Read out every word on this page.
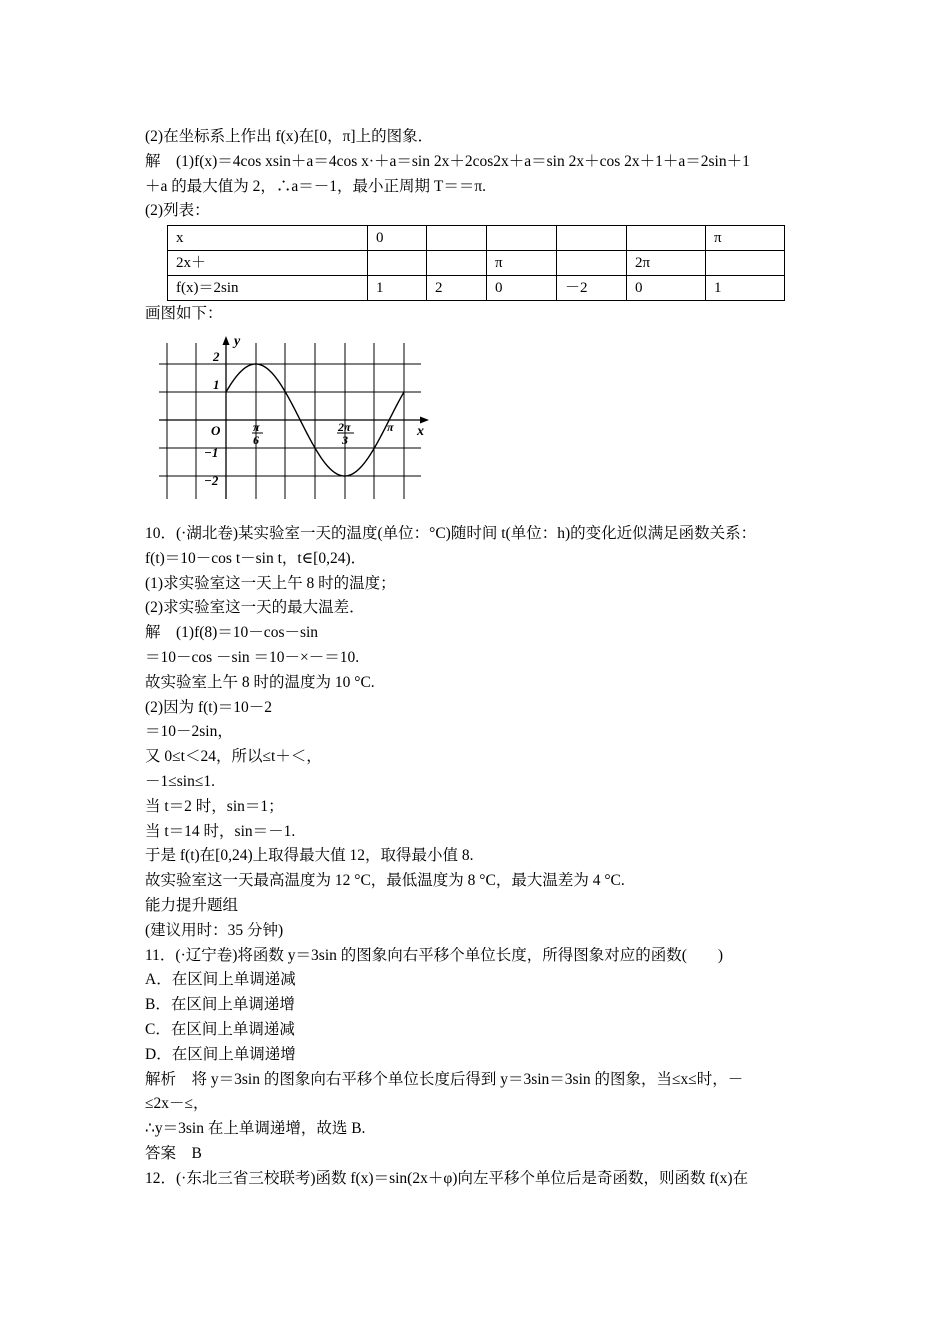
(2)在坐标系上作出 f(x)在[0，π]上的图象．
解　(1)f(x)＝4cos xsin＋a＝4cos x·＋a＝sin 2x＋2cos2x＋a＝sin 2x＋cos 2x＋1＋a＝2sin＋1
＋a 的最大值为 2，∴a＝－1，最小正周期 T＝＝π.
(2)列表：
x	0					π
2x＋			π		2π	
f(x)＝2sin	1	2	0	－2	0	1
画图如下：
y
x
O
2
1
−1
−2
π
6
2π
3
π
10．(·湖北卷)某实验室一天的温度(单位：°C)随时间 t(单位：h)的变化近似满足函数关系：
f(t)＝10－cos t－sin t，t∈[0,24)．
(1)求实验室这一天上午 8 时的温度；
(2)求实验室这一天的最大温差．
解　(1)f(8)＝10－cos－sin
＝10－cos －sin ＝10－×－＝10.
故实验室上午 8 时的温度为 10 °C.
(2)因为 f(t)＝10－2
＝10－2sin，
又 0≤t＜24，所以≤t＋＜，
－1≤sin≤1.
当 t＝2 时，sin＝1；
当 t＝14 时，sin＝－1.
于是 f(t)在[0,24)上取得最大值 12，取得最小值 8.
故实验室这一天最高温度为 12 °C，最低温度为 8 °C，最大温差为 4 °C.
能力提升题组
(建议用时：35 分钟)
11．(·辽宁卷)将函数 y＝3sin 的图象向右平移个单位长度，所得图象对应的函数(　　)
A．在区间上单调递减
B．在区间上单调递增
C．在区间上单调递减
D．在区间上单调递增
解析　将 y＝3sin 的图象向右平移个单位长度后得到 y＝3sin＝3sin 的图象，当≤x≤时，－
≤2x－≤，
∴y＝3sin 在上单调递增，故选 B.
答案　B
12．(·东北三省三校联考)函数 f(x)＝sin(2x＋φ)向左平移个单位后是奇函数，则函数 f(x)在
